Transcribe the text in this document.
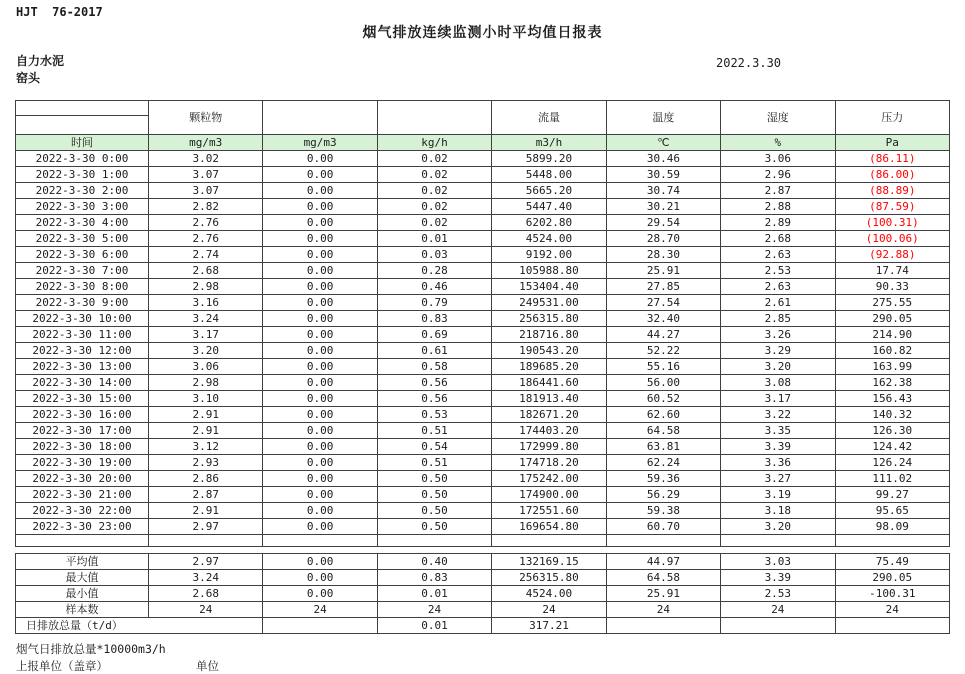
HJT  76-2017
烟气排放连续监测小时平均值日报表
自力水泥
窑头
2022.3.30
	颗粒物			流量	温度	湿度	压力

时间	mg/m3	mg/m3	kg/h	m3/h	℃	%	Pa
2022-3-30 0:00	3.02	0.00	0.02	5899.20	30.46	3.06	(86.11)
2022-3-30 1:00	3.07	0.00	0.02	5448.00	30.59	2.96	(86.00)
2022-3-30 2:00	3.07	0.00	0.02	5665.20	30.74	2.87	(88.89)
2022-3-30 3:00	2.82	0.00	0.02	5447.40	30.21	2.88	(87.59)
2022-3-30 4:00	2.76	0.00	0.02	6202.80	29.54	2.89	(100.31)
2022-3-30 5:00	2.76	0.00	0.01	4524.00	28.70	2.68	(100.06)
2022-3-30 6:00	2.74	0.00	0.03	9192.00	28.30	2.63	(92.88)
2022-3-30 7:00	2.68	0.00	0.28	105988.80	25.91	2.53	17.74
2022-3-30 8:00	2.98	0.00	0.46	153404.40	27.85	2.63	90.33
2022-3-30 9:00	3.16	0.00	0.79	249531.00	27.54	2.61	275.55
2022-3-30 10:00	3.24	0.00	0.83	256315.80	32.40	2.85	290.05
2022-3-30 11:00	3.17	0.00	0.69	218716.80	44.27	3.26	214.90
2022-3-30 12:00	3.20	0.00	0.61	190543.20	52.22	3.29	160.82
2022-3-30 13:00	3.06	0.00	0.58	189685.20	55.16	3.20	163.99
2022-3-30 14:00	2.98	0.00	0.56	186441.60	56.00	3.08	162.38
2022-3-30 15:00	3.10	0.00	0.56	181913.40	60.52	3.17	156.43
2022-3-30 16:00	2.91	0.00	0.53	182671.20	62.60	3.22	140.32
2022-3-30 17:00	2.91	0.00	0.51	174403.20	64.58	3.35	126.30
2022-3-30 18:00	3.12	0.00	0.54	172999.80	63.81	3.39	124.42
2022-3-30 19:00	2.93	0.00	0.51	174718.20	62.24	3.36	126.24
2022-3-30 20:00	2.86	0.00	0.50	175242.00	59.36	3.27	111.02
2022-3-30 21:00	2.87	0.00	0.50	174900.00	56.29	3.19	99.27
2022-3-30 22:00	2.91	0.00	0.50	172551.60	59.38	3.18	95.65
2022-3-30 23:00	2.97	0.00	0.50	169654.80	60.70	3.20	98.09

平均值	2.97	0.00	0.40	132169.15	44.97	3.03	75.49
最大值	3.24	0.00	0.83	256315.80	64.58	3.39	290.05
最小值	2.68	0.00	0.01	4524.00	25.91	2.53	-100.31
样本数	24	24	24	24	24	24	24
日排放总量（t/d）			0.01	317.21			
烟气日排放总量*10000m3/h
上报单位（盖章）	单位
